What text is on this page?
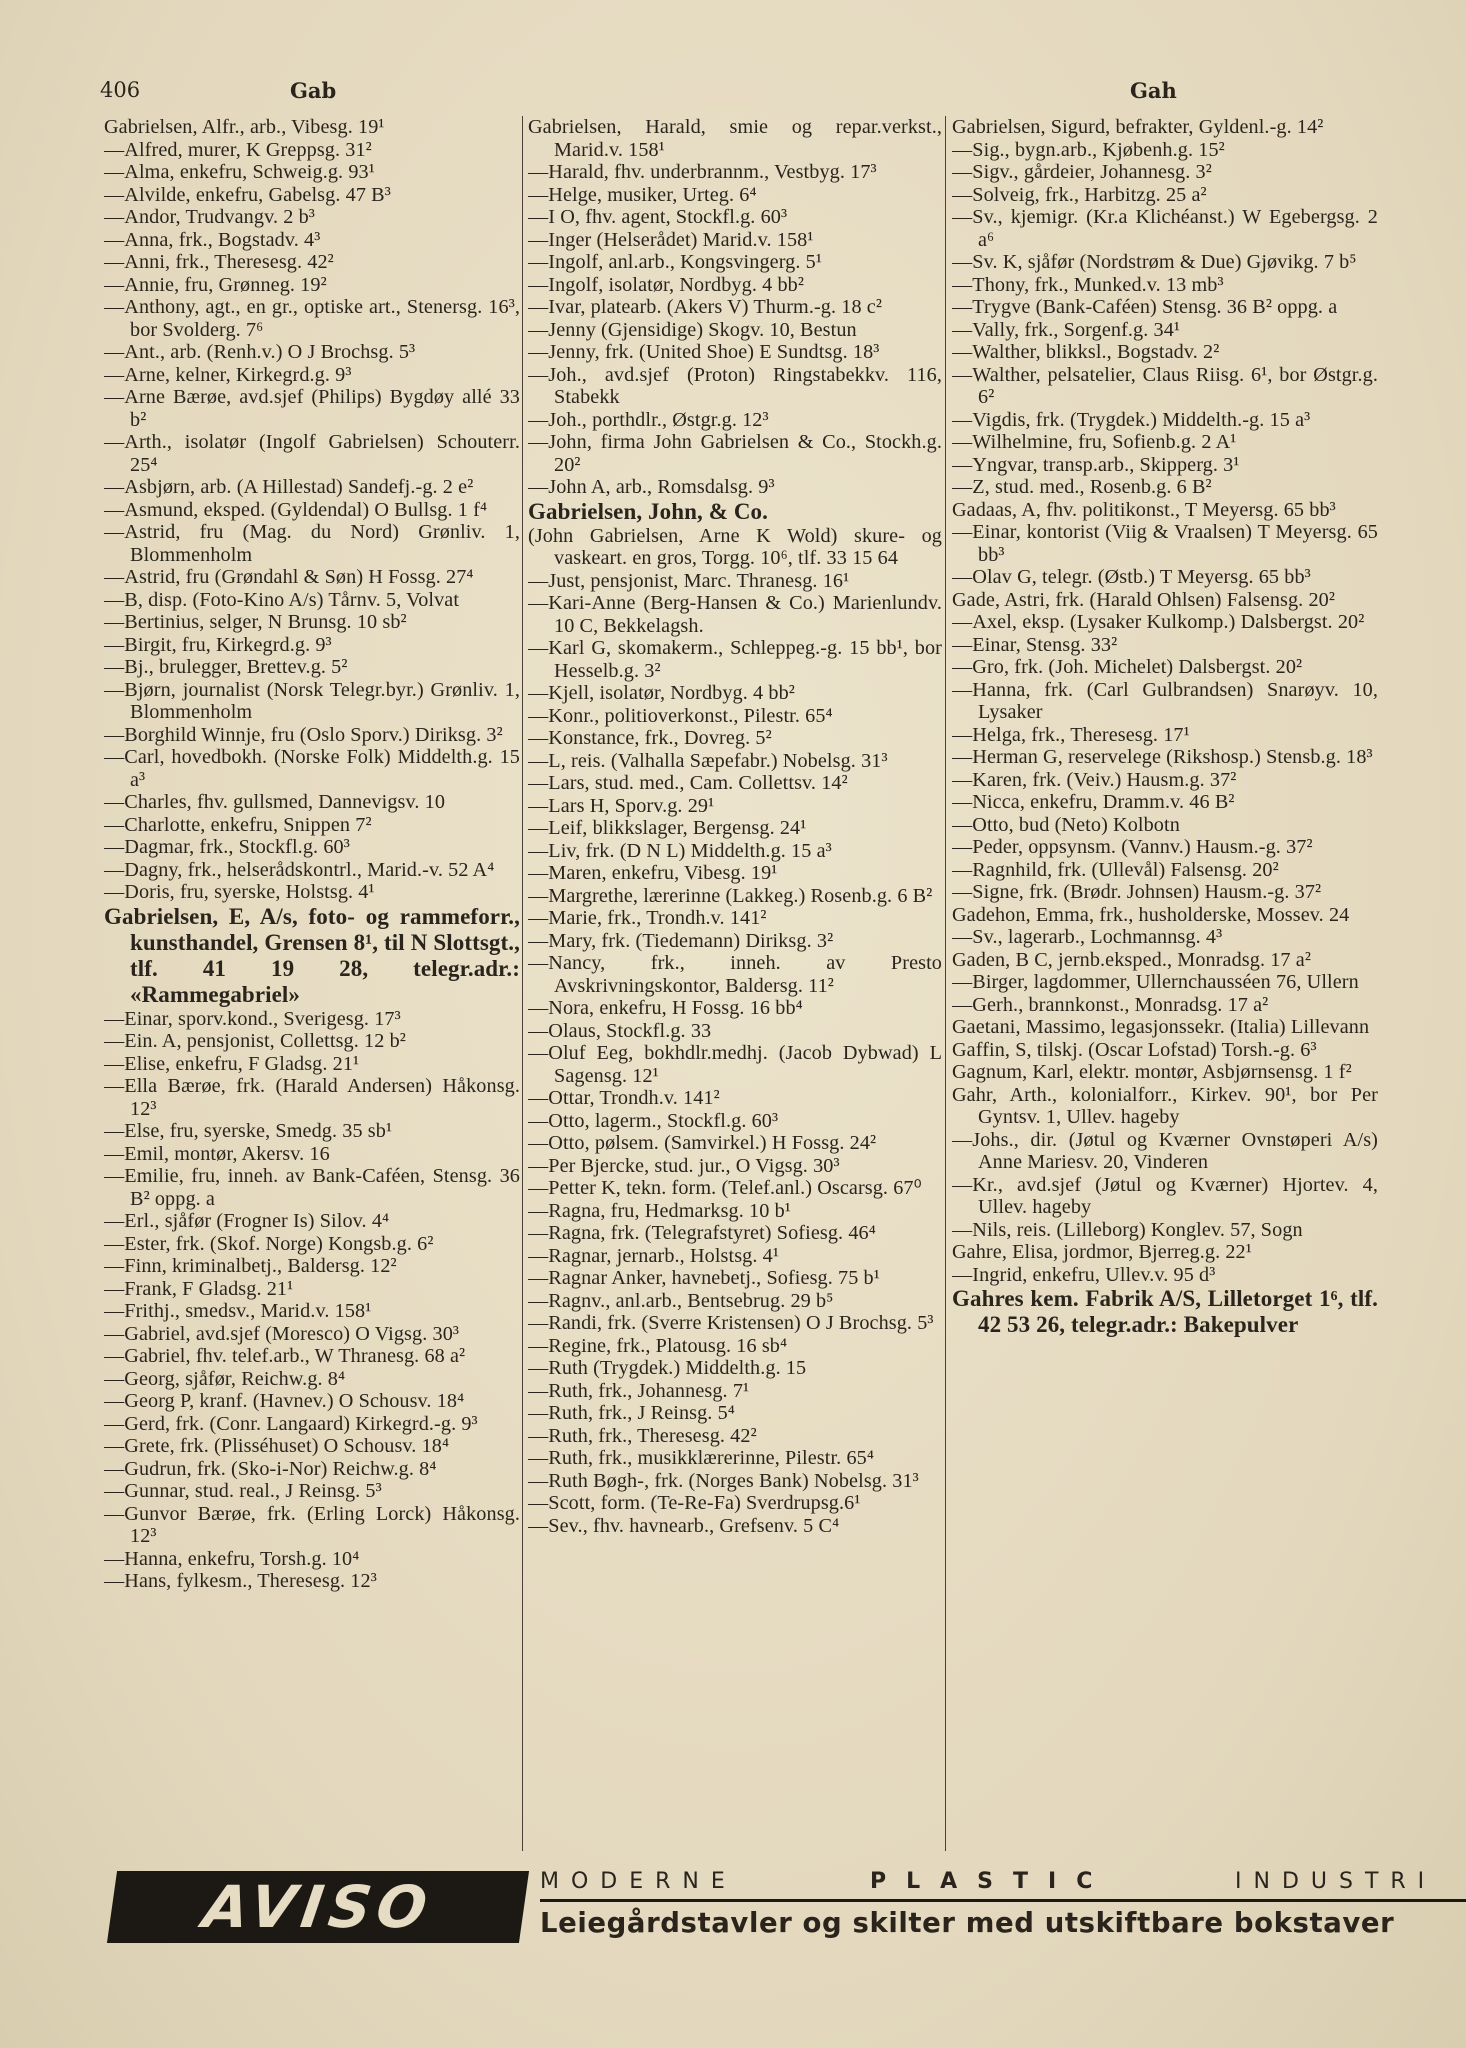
406	Gab	Gah
Gabrielsen, Alfr., arb., Vibesg. 19¹
—Alfred, murer, K Greppsg. 31²
—Alma, enkefru, Schweig.g. 93¹
—Alvilde, enkefru, Gabelsg. 47 B³
—Andor, Trudvangv. 2 b³
—Anna, frk., Bogstadv. 4³
—Anni, frk., Theresesg. 42²
—Annie, fru, Grønneg. 19²
—Anthony, agt., en gr., optiske art., Stenersg. 16³, bor Svolderg. 7⁶
—Ant., arb. (Renh.v.) O J Brochsg. 5³
—Arne, kelner, Kirkegrd.g. 9³
—Arne Bærøe, avd.sjef (Philips) Bygdøy allé 33 b²
—Arth., isolatør (Ingolf Gabrielsen) Schouterr. 25⁴
—Asbjørn, arb. (A Hillestad) Sandefj.-g. 2 e²
—Asmund, eksped. (Gyldendal) O Bullsg. 1 f⁴
—Astrid, fru (Mag. du Nord) Grønliv. 1, Blommenholm
—Astrid, fru (Grøndahl & Søn) H Fossg. 27⁴
—B, disp. (Foto-Kino A/s) Tårnv. 5, Volvat
—Bertinius, selger, N Brunsg. 10 sb²
—Birgit, fru, Kirkegrd.g. 9³
—Bj., brulegger, Brettev.g. 5²
—Bjørn, journalist (Norsk Telegr.byr.) Grønliv. 1, Blommenholm
—Borghild Winnje, fru (Oslo Sporv.) Diriksg. 3²
—Carl, hovedbokh. (Norske Folk) Middelth.g. 15 a³
—Charles, fhv. gullsmed, Dannevigsv. 10
—Charlotte, enkefru, Snippen 7²
—Dagmar, frk., Stockfl.g. 60³
—Dagny, frk., helserådskontrl., Marid.-v. 52 A⁴
—Doris, fru, syerske, Holstsg. 4¹
Gabrielsen, E, A/s, foto- og rammeforr., kunsthandel, Grensen 8¹, til N Slottsgt., tlf. 41 19 28, telegr.adr.: «Rammegabriel»
—Einar, sporv.kond., Sverigesg. 17³
—Ein. A, pensjonist, Collettsg. 12 b²
—Elise, enkefru, F Gladsg. 21¹
—Ella Bærøe, frk. (Harald Andersen) Håkonsg. 12³
—Else, fru, syerske, Smedg. 35 sb¹
—Emil, montør, Akersv. 16
—Emilie, fru, inneh. av Bank-Caféen, Stensg. 36 B² oppg. a
—Erl., sjåfør (Frogner Is) Silov. 4⁴
—Ester, frk. (Skof. Norge) Kongsb.g. 6²
—Finn, kriminalbetj., Baldersg. 12²
—Frank, F Gladsg. 21¹
—Frithj., smedsv., Marid.v. 158¹
—Gabriel, avd.sjef (Moresco) O Vigsg. 30³
—Gabriel, fhv. telef.arb., W Thranesg. 68 a²
—Georg, sjåfør, Reichw.g. 8⁴
—Georg P, kranf. (Havnev.) O Schousv. 18⁴
—Gerd, frk. (Conr. Langaard) Kirkegrd.-g. 9³
—Grete, frk. (Plisséhuset) O Schousv. 18⁴
—Gudrun, frk. (Sko-i-Nor) Reichw.g. 8⁴
—Gunnar, stud. real., J Reinsg. 5³
—Gunvor Bærøe, frk. (Erling Lorck) Håkonsg. 12³
—Hanna, enkefru, Torsh.g. 10⁴
—Hans, fylkesm., Theresesg. 12³
Gabrielsen, Harald, smie og repar.verkst., Marid.v. 158¹
—Harald, fhv. underbrannm., Vestbyg. 17³
—Helge, musiker, Urteg. 6⁴
—I O, fhv. agent, Stockfl.g. 60³
—Inger (Helserådet) Marid.v. 158¹
—Ingolf, anl.arb., Kongsvingerg. 5¹
—Ingolf, isolatør, Nordbyg. 4 bb²
—Ivar, platearb. (Akers V) Thurm.-g. 18 c²
—Jenny (Gjensidige) Skogv. 10, Bestun
—Jenny, frk. (United Shoe) E Sundtsg. 18³
—Joh., avd.sjef (Proton) Ringstabekkv. 116, Stabekk
—Joh., porthdlr., Østgr.g. 12³
—John, firma John Gabrielsen & Co., Stockh.g. 20²
—John A, arb., Romsdalsg. 9³
Gabrielsen, John, & Co.
(John Gabrielsen, Arne K Wold) skure- og vaskeart. en gros, Torgg. 10⁶, tlf. 33 15 64
—Just, pensjonist, Marc. Thranesg. 16¹
—Kari-Anne (Berg-Hansen & Co.) Marienlundv. 10 C, Bekkelagsh.
—Karl G, skomakerm., Schleppeg.-g. 15 bb¹, bor Hesselb.g. 3²
—Kjell, isolatør, Nordbyg. 4 bb²
—Konr., politioverkonst., Pilestr. 65⁴
—Konstance, frk., Dovreg. 5²
—L, reis. (Valhalla Sæpefabr.) Nobelsg. 31³
—Lars, stud. med., Cam. Collettsv. 14²
—Lars H, Sporv.g. 29¹
—Leif, blikkslager, Bergensg. 24¹
—Liv, frk. (D N L) Middelth.g. 15 a³
—Maren, enkefru, Vibesg. 19¹
—Margrethe, lærerinne (Lakkeg.) Rosenb.g. 6 B²
—Marie, frk., Trondh.v. 141²
—Mary, frk. (Tiedemann) Diriksg. 3²
—Nancy, frk., inneh. av Presto Avskrivningskontor, Baldersg. 11²
—Nora, enkefru, H Fossg. 16 bb⁴
—Olaus, Stockfl.g. 33
—Oluf Eeg, bokhdlr.medhj. (Jacob Dybwad) L Sagensg. 12¹
—Ottar, Trondh.v. 141²
—Otto, lagerm., Stockfl.g. 60³
—Otto, pølsem. (Samvirkel.) H Fossg. 24²
—Per Bjercke, stud. jur., O Vigsg. 30³
—Petter K, tekn. form. (Telef.anl.) Oscarsg. 67⁰
—Ragna, fru, Hedmarksg. 10 b¹
—Ragna, frk. (Telegrafstyret) Sofiesg. 46⁴
—Ragnar, jernarb., Holstsg. 4¹
—Ragnar Anker, havnebetj., Sofiesg. 75 b¹
—Ragnv., anl.arb., Bentsebrug. 29 b⁵
—Randi, frk. (Sverre Kristensen) O J Brochsg. 5³
—Regine, frk., Platousg. 16 sb⁴
—Ruth (Trygdek.) Middelth.g. 15
—Ruth, frk., Johannesg. 7¹
—Ruth, frk., J Reinsg. 5⁴
—Ruth, frk., Theresesg. 42²
—Ruth, frk., musikklærerinne, Pilestr. 65⁴
—Ruth Bøgh-, frk. (Norges Bank) Nobelsg. 31³
—Scott, form. (Te-Re-Fa) Sverdrupsg.6¹
—Sev., fhv. havnearb., Grefsenv. 5 C⁴
Gabrielsen, Sigurd, befrakter, Gyldenl.-g. 14²
—Sig., bygn.arb., Kjøbenh.g. 15²
—Sigv., gårdeier, Johannesg. 3²
—Solveig, frk., Harbitzg. 25 a²
—Sv., kjemigr. (Kr.a Klichéanst.) W Egebergsg. 2 a⁶
—Sv. K, sjåfør (Nordstrøm & Due) Gjøvikg. 7 b⁵
—Thony, frk., Munked.v. 13 mb³
—Trygve (Bank-Caféen) Stensg. 36 B² oppg. a
—Vally, frk., Sorgenf.g. 34¹
—Walther, blikksl., Bogstadv. 2²
—Walther, pelsatelier, Claus Riisg. 6¹, bor Østgr.g. 6²
—Vigdis, frk. (Trygdek.) Middelth.-g. 15 a³
—Wilhelmine, fru, Sofienb.g. 2 A¹
—Yngvar, transp.arb., Skipperg. 3¹
—Z, stud. med., Rosenb.g. 6 B²
Gadaas, A, fhv. politikonst., T Meyersg. 65 bb³
—Einar, kontorist (Viig & Vraalsen) T Meyersg. 65 bb³
—Olav G, telegr. (Østb.) T Meyersg. 65 bb³
Gade, Astri, frk. (Harald Ohlsen) Falsensg. 20²
—Axel, eksp. (Lysaker Kulkomp.) Dalsbergst. 20²
—Einar, Stensg. 33²
—Gro, frk. (Joh. Michelet) Dalsbergst. 20²
—Hanna, frk. (Carl Gulbrandsen) Snarøyv. 10, Lysaker
—Helga, frk., Theresesg. 17¹
—Herman G, reservelege (Rikshosp.) Stensb.g. 18³
—Karen, frk. (Veiv.) Hausm.g. 37²
—Nicca, enkefru, Dramm.v. 46 B²
—Otto, bud (Neto) Kolbotn
—Peder, oppsynsm. (Vannv.) Hausm.-g. 37²
—Ragnhild, frk. (Ullevål) Falsensg. 20²
—Signe, frk. (Brødr. Johnsen) Hausm.-g. 37²
Gadehon, Emma, frk., husholderske, Mossev. 24
—Sv., lagerarb., Lochmannsg. 4³
Gaden, B C, jernb.eksped., Monradsg. 17 a²
—Birger, lagdommer, Ullernchausséen 76, Ullern
—Gerh., brannkonst., Monradsg. 17 a²
Gaetani, Massimo, legasjonssekr. (Italia) Lillevann
Gaffin, S, tilskj. (Oscar Lofstad) Torsh.-g. 6³
Gagnum, Karl, elektr. montør, Asbjørnsensg. 1 f²
Gahr, Arth., kolonialforr., Kirkev. 90¹, bor Per Gyntsv. 1, Ullev. hageby
—Johs., dir. (Jøtul og Kværner Ovnstøperi A/s) Anne Mariesv. 20, Vinderen
—Kr., avd.sjef (Jøtul og Kværner) Hjortev. 4, Ullev. hageby
—Nils, reis. (Lilleborg) Konglev. 57, Sogn
Gahre, Elisa, jordmor, Bjerreg.g. 22¹
—Ingrid, enkefru, Ullev.v. 95 d³
Gahres kem. Fabrik A/S, Lilletorget 1⁶, tlf. 42 53 26, telegr.adr.: Bakepulver
AVISO	MODERNE	PLASTIC	INDUSTRI
Leiegårdstavler og skilter med utskiftbare bokstaver
